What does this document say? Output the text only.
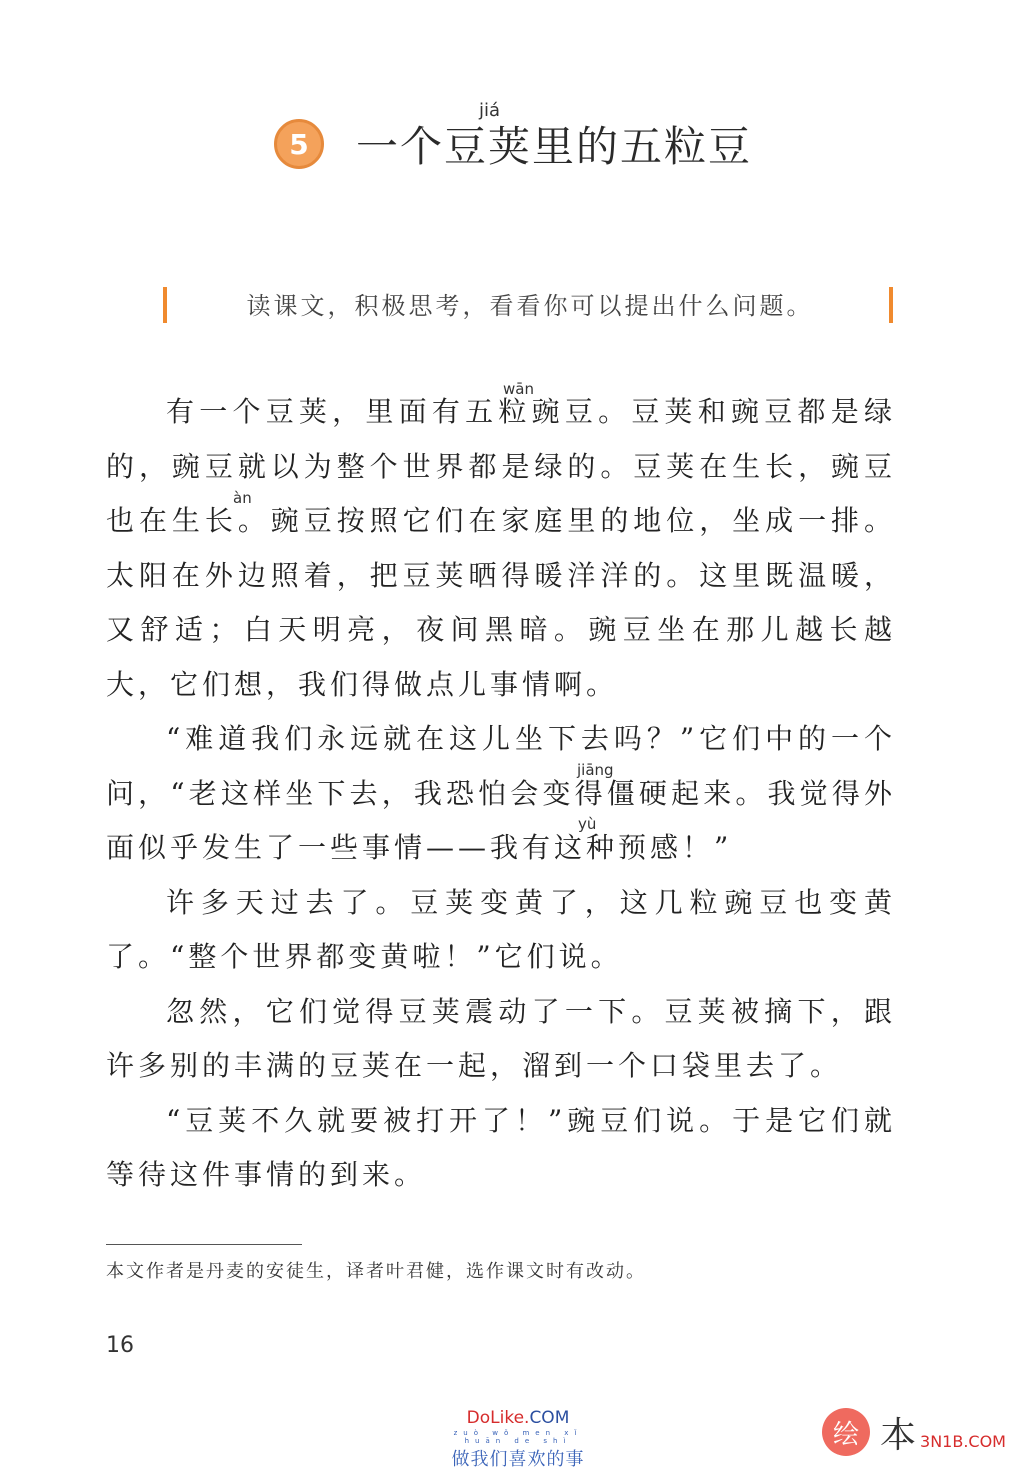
jiá
5	一个豆荚里的五粒豆
读课文，积极思考，看看你可以提出什么问题。
wān
àn
jiāng
yù

有一个豆荚，里面有五粒豌豆。豆荚和豌豆都是绿的，豌豆就以为整个世界都是绿的。豆荚在生长，豌豆也在生长。豌豆按照它们在家庭里的地位，坐成一排。太阳在外边照着，把豆荚晒得暖洋洋的。这里既温暖，又舒适；白天明亮，夜间黑暗。豌豆坐在那儿越长越大，它们想，我们得做点儿事情啊。

“难道我们永远就在这儿坐下去吗？”它们中的一个问，“老这样坐下去，我恐怕会变得僵硬起来。我觉得外面似乎发生了一些事情——我有这种预感！”

许多天过去了。豆荚变黄了，这几粒豌豆也变黄了。“整个世界都变黄啦！”它们说。

忽然，它们觉得豆荚震动了一下。豆荚被摘下，跟许多别的丰满的豆荚在一起，溜到一个口袋里去了。

“豆荚不久就要被打开了！”豌豆们说。于是它们就等待这件事情的到来。

本文作者是丹麦的安徒生，译者叶君健，选作课文时有改动。
16
DoLike.COM
zuò wǒ men xǐ huān de shì
做我们喜欢的事
绘 本 3N1B.COM
